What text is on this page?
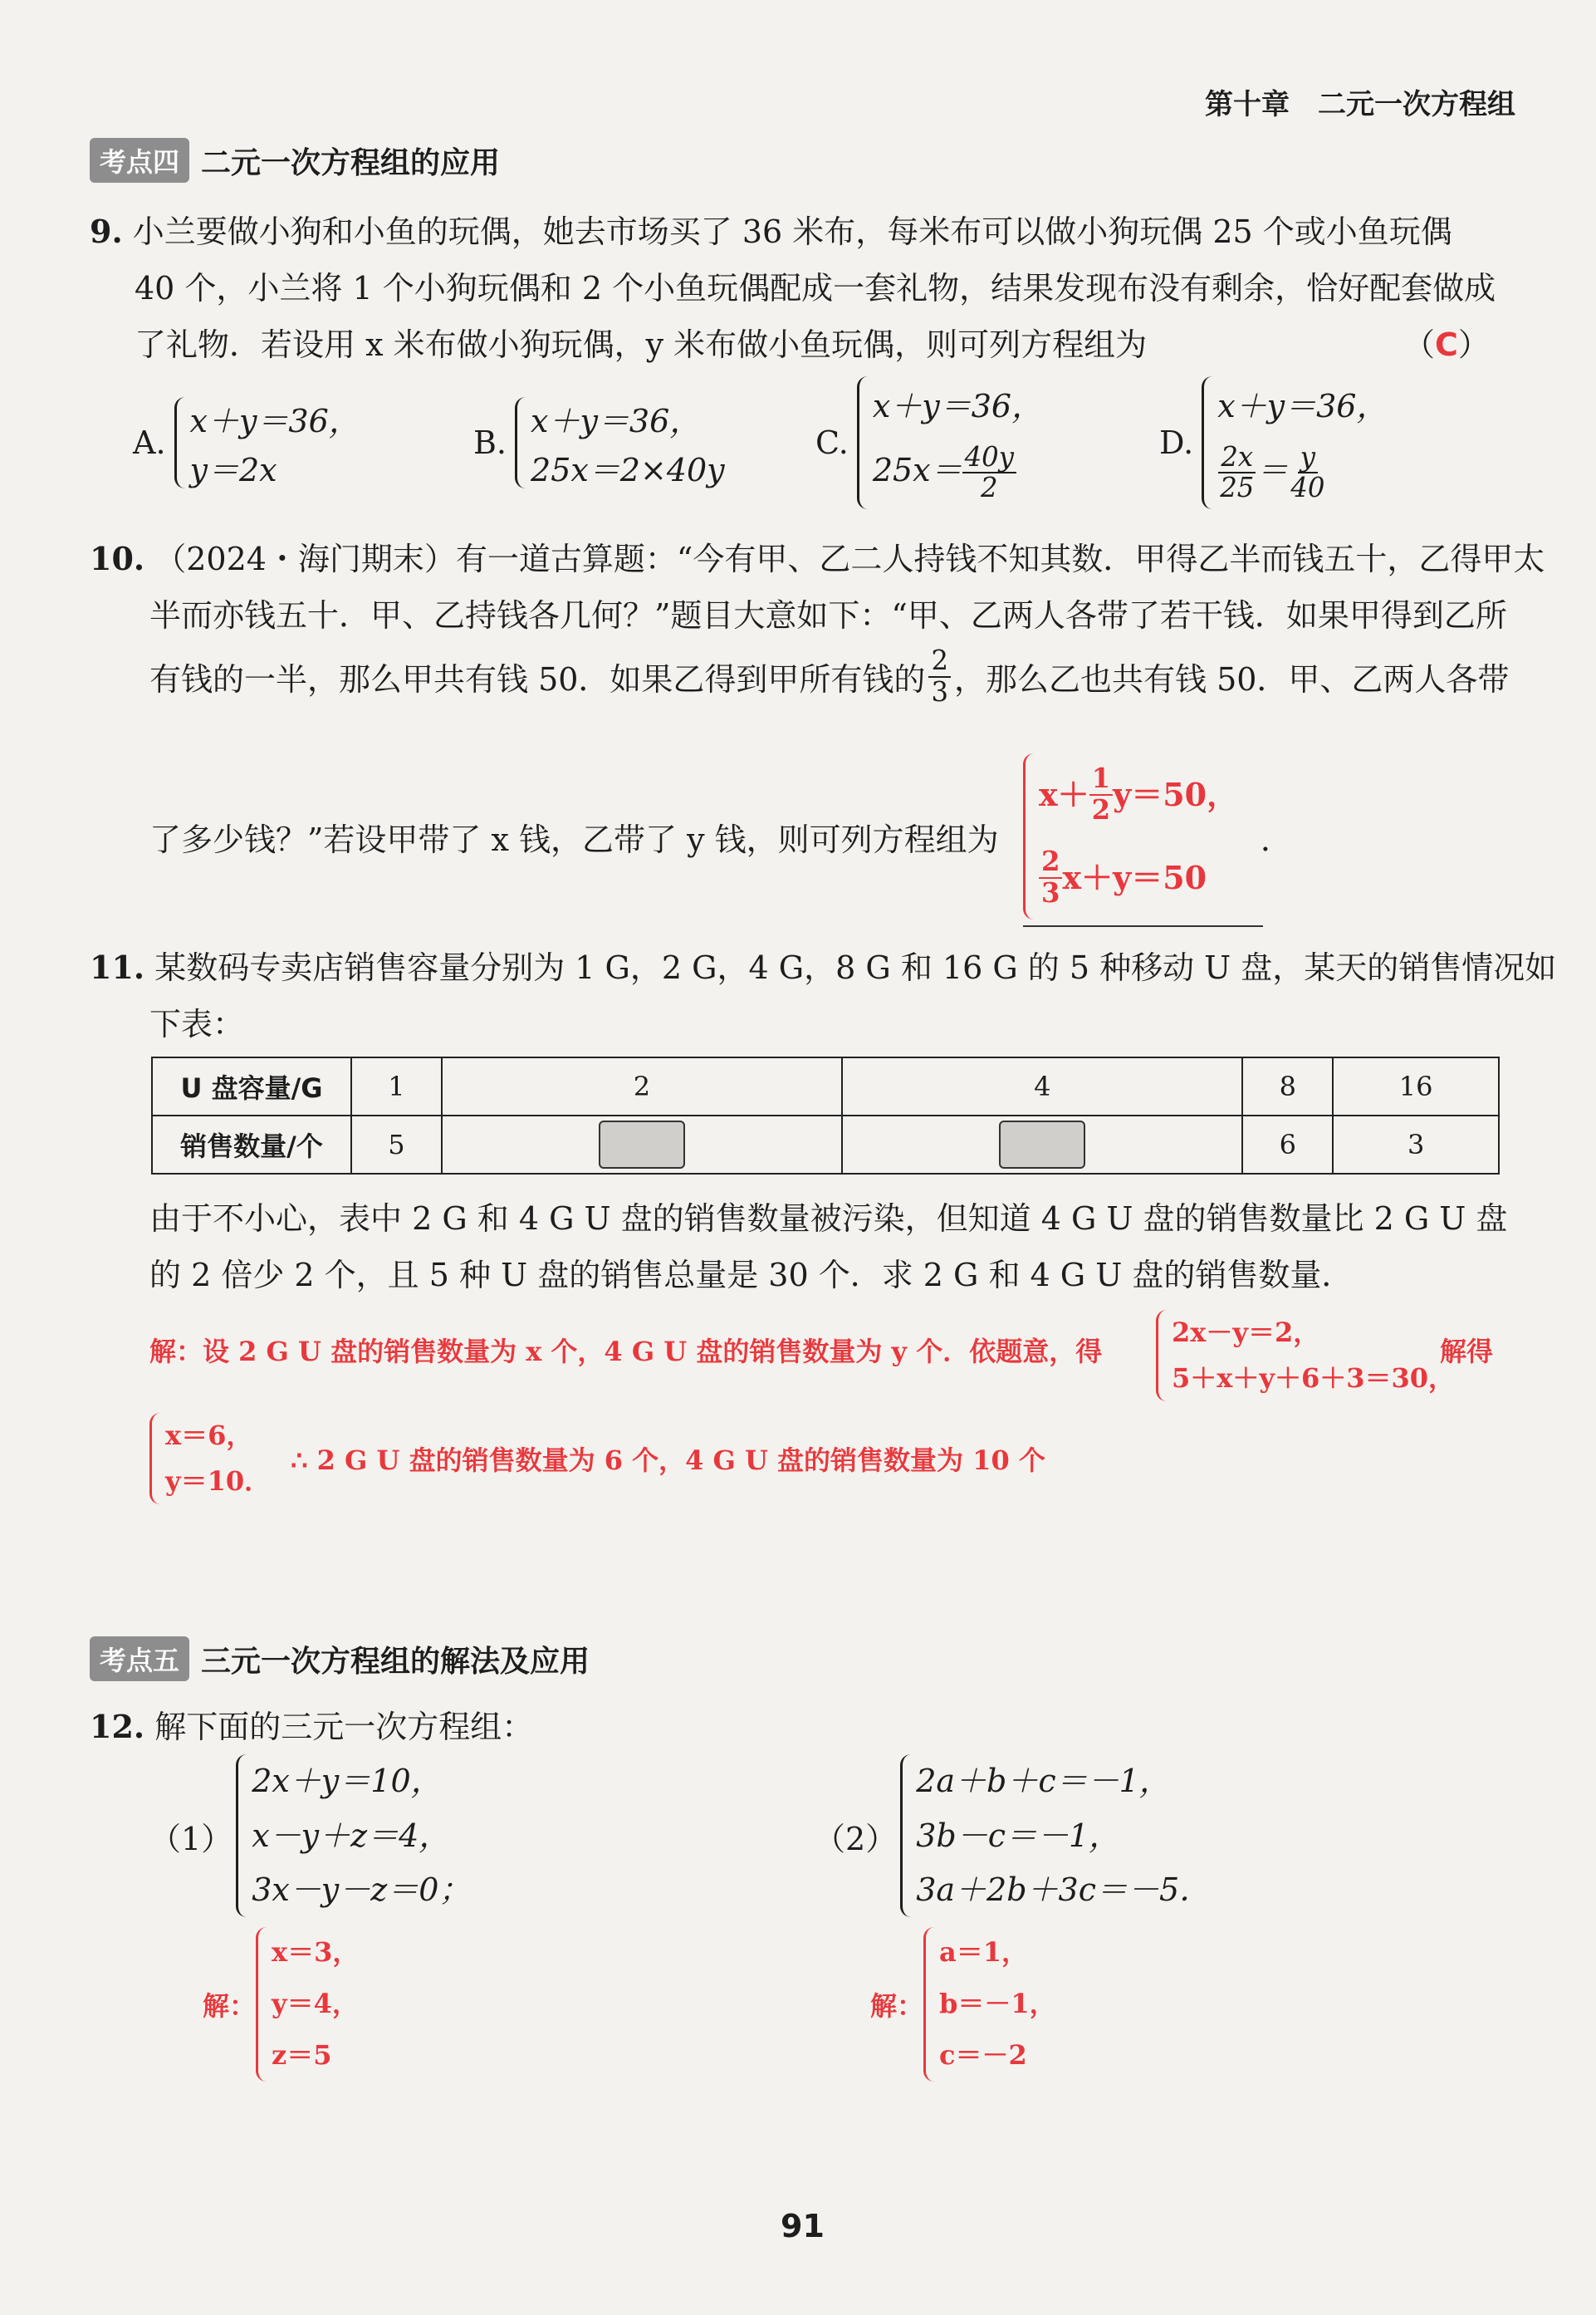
第十章　二元一次方程组
考点四 二元一次方程组的应用
9. 小兰要做小狗和小鱼的玩偶，她去市场买了 36 米布，每米布可以做小狗玩偶 25 个或小鱼玩偶
40 个，小兰将 1 个小狗玩偶和 2 个小鱼玩偶配成一套礼物，结果发现布没有剩余，恰好配套做成
了礼物．若设用 x 米布做小狗玩偶，y 米布做小鱼玩偶，则可列方程组为	（C）
A.
x＋y＝36，
y＝2x
B.
x＋y＝36，
25x＝2×40y
C.
x＋y＝36，
$25x= \frac{40y}{2}$	D.
x＋y＝36，
$\frac{2x}{25} = \frac{y}{40}$
10. （2024・海门期末）有一道古算题：“今有甲、乙二人持钱不知其数．甲得乙半而钱五十，乙得甲太
半而亦钱五十．甲、乙持钱各几何？”题目大意如下：“甲、乙两人各带了若干钱．如果甲得到乙所
有钱的一半，那么甲共有钱 50．如果乙得到甲所有钱的 $\frac{2}{3}$ ，那么乙也共有钱 50．甲、乙两人各带
了多少钱？”若设甲带了 x 钱，乙带了 y 钱，则可列方程组为
$x+ \frac{1}{2} y=50$，
$\frac{2}{3} x+y=50$
．
11. 某数码专卖店销售容量分别为 1 G，2 G，4 G，8 G 和 16 G 的 5 种移动 U 盘，某天的销售情况如
下表：
U 盘容量/G	1	2	4	8	16
销售数量/个	5			6	3
由于不小心，表中 2 G 和 4 G U 盘的销售数量被污染，但知道 4 G U 盘的销售数量比 2 G U 盘
的 2 倍少 2 个，且 5 种 U 盘的销售总量是 30 个．求 2 G 和 4 G U 盘的销售数量．
解：设 2 G U 盘的销售数量为 x 个，4 G U 盘的销售数量为 y 个．依题意，得
2x－y＝2，
5＋x＋y＋6＋3＝30，
解得
x＝6，
y＝10．
∴ 2 G U 盘的销售数量为 6 个，4 G U 盘的销售数量为 10 个
考点五 三元一次方程组的解法及应用
12. 解下面的三元一次方程组：
（1）
2x＋y＝10，
x－y＋z＝4，
3x－y－z＝0；
（2）
2a＋b＋c＝－1，
3b－c＝－1，
3a＋2b＋3c＝－5．
解：
x＝3，
y＝4，
z＝5
解：
a＝1，
b＝－1，
c＝－2
91
